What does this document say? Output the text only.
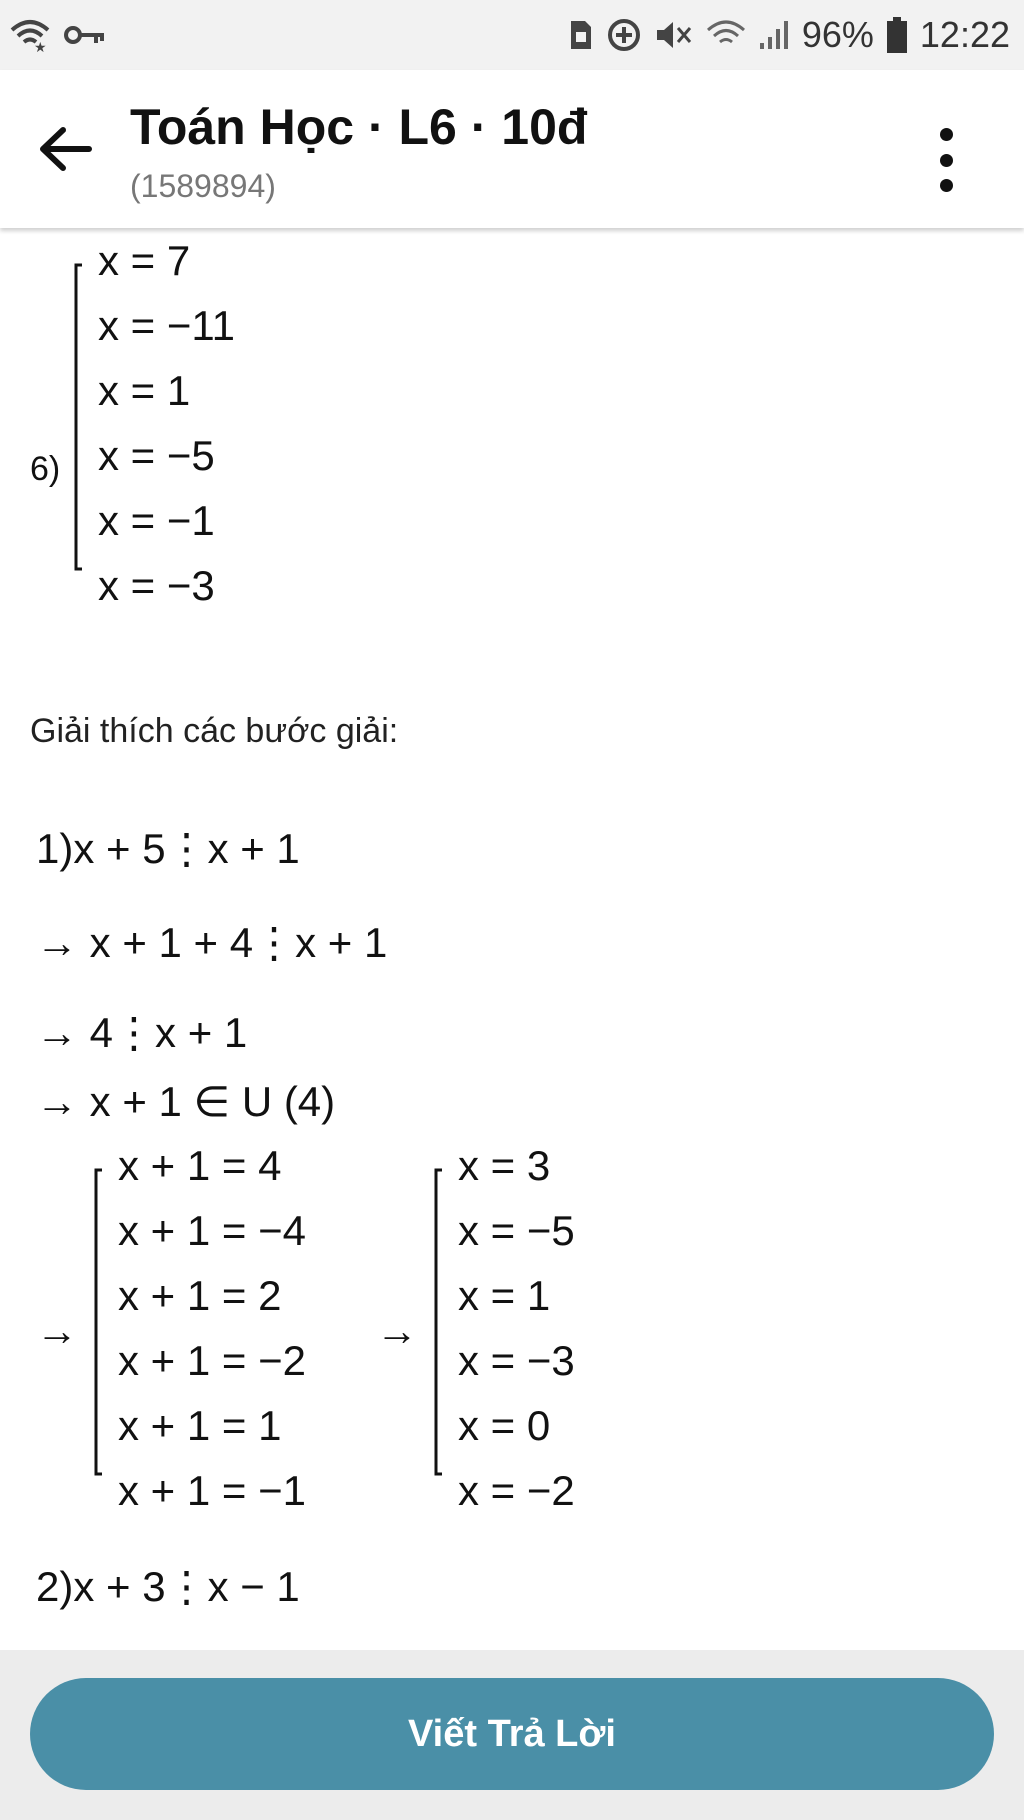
★	96% 12:22
Toán Học · L6 · 10đ
(1589894)
6)
x = 7
x = −11
x = 1
x = −5
x = −1
x = −3
Giải thích các bước giải:
1)x + 5⋮x + 1
→ x + 1 + 4⋮x + 1
→ 4⋮x + 1
→ x + 1 ∈ U (4)
→
x + 1 = 4
x + 1 = −4
x + 1 = 2
x + 1 = −2
x + 1 = 1
x + 1 = −1
→
x = 3
x = −5
x = 1
x = −3
x = 0
x = −2
2)x + 3⋮x − 1
Viết Trả Lời
